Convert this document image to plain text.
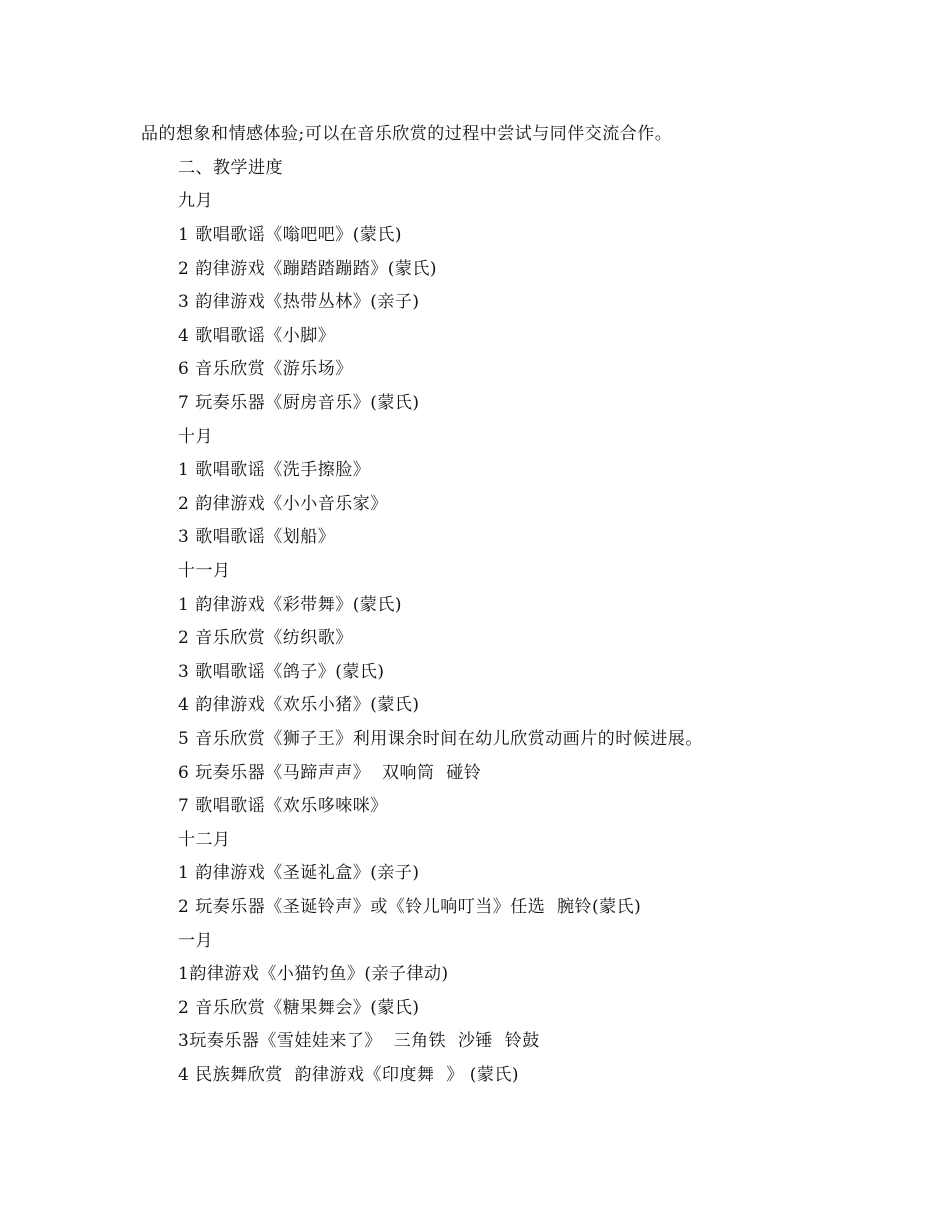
品的想象和情感体验;可以在音乐欣赏的过程中尝试与同伴交流合作。
二、教学进度
九月
1 歌唱歌谣《嗡吧吧》(蒙氏)
2 韵律游戏《蹦踏踏蹦踏》(蒙氏)
3 韵律游戏《热带丛林》(亲子)
4 歌唱歌谣《小脚》
6 音乐欣赏《游乐场》
7 玩奏乐器《厨房音乐》(蒙氏)
十月
1 歌唱歌谣《洗手擦脸》
2 韵律游戏《小小音乐家》
3 歌唱歌谣《划船》
十一月
1 韵律游戏《彩带舞》(蒙氏)
2 音乐欣赏《纺织歌》
3 歌唱歌谣《鸽子》(蒙氏)
4 韵律游戏《欢乐小猪》(蒙氏)
5 音乐欣赏《狮子王》利用课余时间在幼儿欣赏动画片的时候进展。
6 玩奏乐器《马蹄声声》  双响筒  碰铃
7 歌唱歌谣《欢乐哆唻咪》
十二月
1 韵律游戏《圣诞礼盒》(亲子)
2 玩奏乐器《圣诞铃声》或《铃儿响叮当》任选  腕铃(蒙氏)
一月
1韵律游戏《小猫钓鱼》(亲子律动)
2 音乐欣赏《糖果舞会》(蒙氏)
3玩奏乐器《雪娃娃来了》  三角铁  沙锤  铃鼓
4 民族舞欣赏  韵律游戏《印度舞  》 (蒙氏)
